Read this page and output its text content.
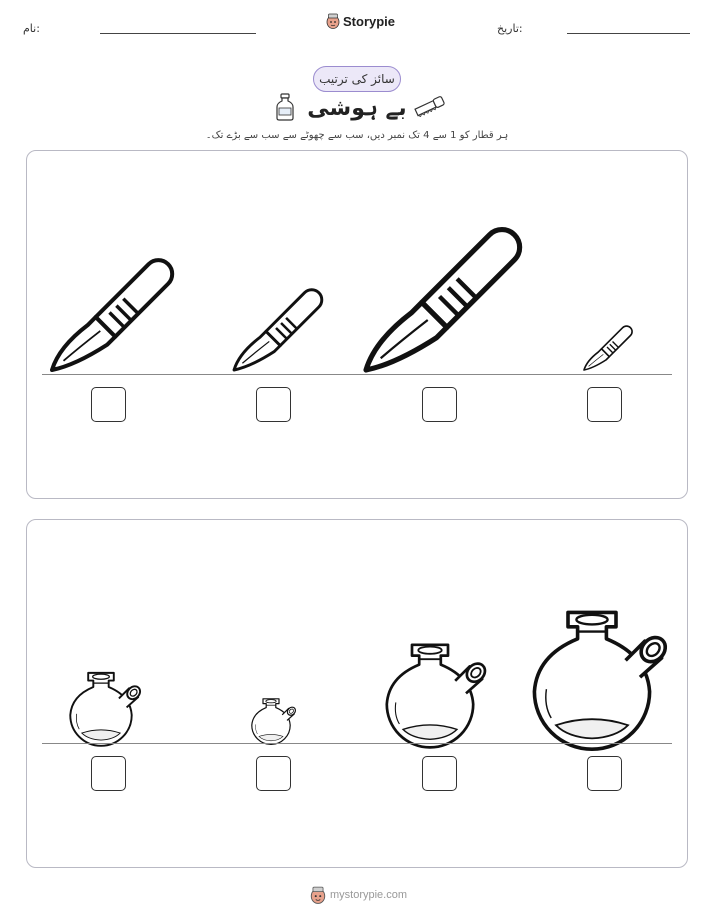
نام:	Storypie	تاریخ:
سائز کی ترتیب
بے ہوشی
ہر قطار کو 1 سے 4 تک نمبر دیں، سب سے چھوٹے سے سب سے بڑے تک۔
mystorypie.com
